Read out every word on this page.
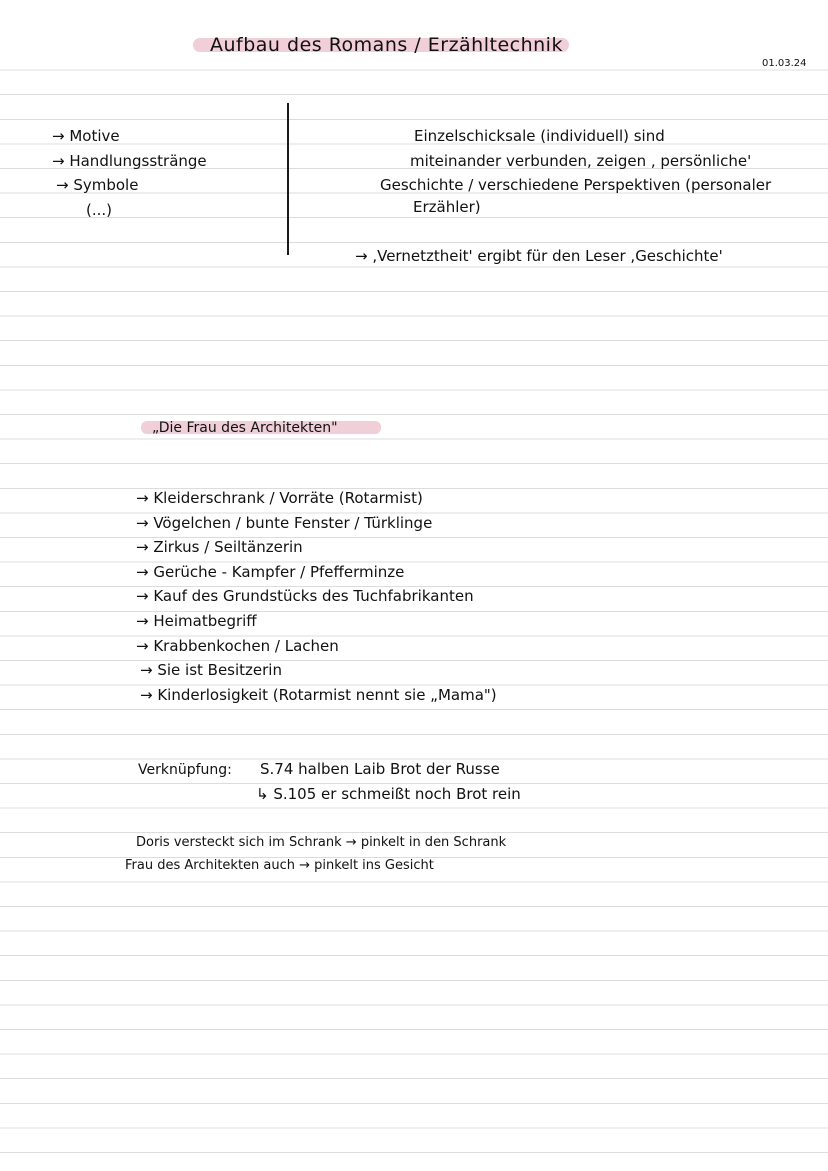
Aufbau des Romans / Erzähltechnik
01.03.24
→ Motive
→ Handlungsstränge
→ Symbole
(...)
Einzelschicksale (individuell) sind
miteinander verbunden, zeigen , persönliche'
Geschichte / verschiedene Perspektiven (personaler
Erzähler)
→ ,Vernetztheit' ergibt für den Leser ,Geschichte'
„Die Frau des Architekten"
→ Kleiderschrank / Vorräte (Rotarmist)
→ Vögelchen / bunte Fenster / Türklinge
→ Zirkus / Seiltänzerin
→ Gerüche - Kampfer / Pfefferminze
→ Kauf des Grundstücks des Tuchfabrikanten
→ Heimatbegriff
→ Krabbenkochen / Lachen
→ Sie ist Besitzerin
→ Kinderlosigkeit (Rotarmist nennt sie „Mama")
Verknüpfung: S.74 halben Laib Brot der Russe
↳ S.105 er schmeißt noch Brot rein
Doris versteckt sich im Schrank → pinkelt in den Schrank
Frau des Architekten auch → pinkelt ins Gesicht
